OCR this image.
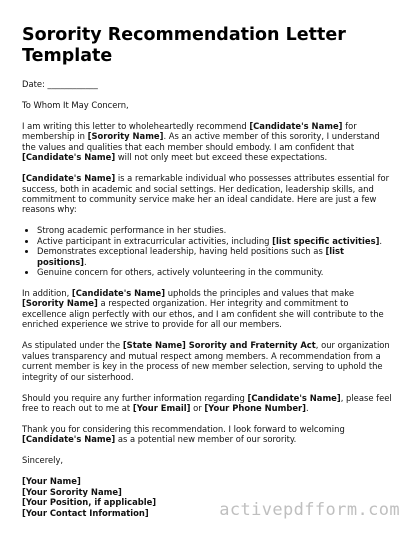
Sorority Recommendation Letter
Template

Date: ____________

To Whom It May Concern,

I am writing this letter to wholeheartedly recommend [Candidate's Name] for membership in [Sorority Name]. As an active member of this sorority, I understand the values and qualities that each member should embody. I am confident that [Candidate's Name] will not only meet but exceed these expectations.

[Candidate's Name] is a remarkable individual who possesses attributes essential for success, both in academic and social settings. Her dedication, leadership skills, and commitment to community service make her an ideal candidate. Here are just a few reasons why:

• Strong academic performance in her studies.
• Active participant in extracurricular activities, including [list specific activities].
• Demonstrates exceptional leadership, having held positions such as [list positions].
• Genuine concern for others, actively volunteering in the community.

In addition, [Candidate's Name] upholds the principles and values that make [Sorority Name] a respected organization. Her integrity and commitment to excellence align perfectly with our ethos, and I am confident she will contribute to the enriched experience we strive to provide for all our members.

As stipulated under the [State Name] Sorority and Fraternity Act, our organization values transparency and mutual respect among members. A recommendation from a current member is key in the process of new member selection, serving to uphold the integrity of our sisterhood.

Should you require any further information regarding [Candidate's Name], please feel free to reach out to me at [Your Email] or [Your Phone Number].

Thank you for considering this recommendation. I look forward to welcoming [Candidate's Name] as a potential new member of our sorority.

Sincerely,

[Your Name]
[Your Sorority Name]
[Your Position, if applicable]
[Your Contact Information]	activepdfform.com
